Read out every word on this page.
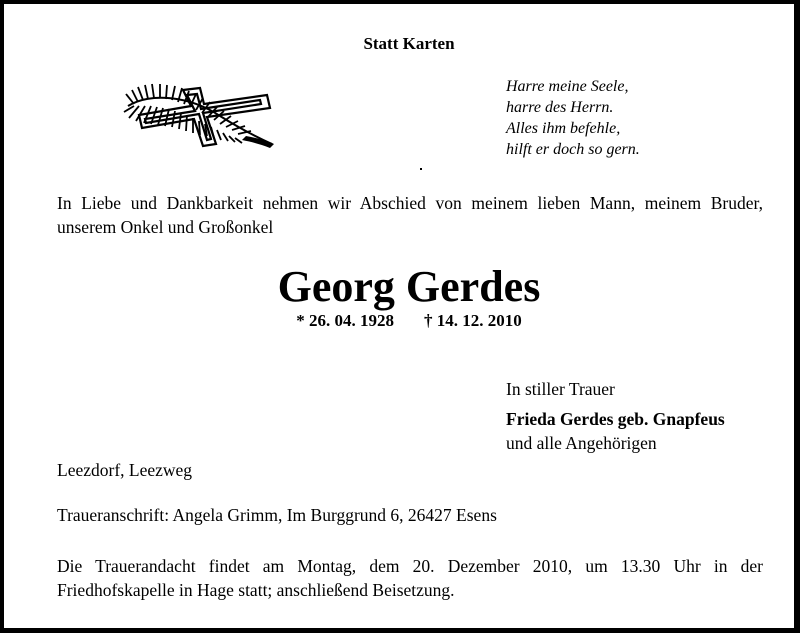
Statt Karten

Harre meine Seele,
harre des Herrn.
Alles ihm befehle,
hilft er doch so gern.

In Liebe und Dankbarkeit nehmen wir Abschied von meinem lieben Mann, meinem Bruder, unserem Onkel und Großonkel

Georg Gerdes

* 26. 04. 1928 † 14. 12. 2010

In stiller Trauer
Frieda Gerdes geb. Gnapfeus
und alle Angehörigen

Leezdorf, Leezweg

Traueranschrift: Angela Grimm, Im Burggrund 6, 26427 Esens

Die Trauerandacht findet am Montag, dem 20. Dezember 2010, um 13.30 Uhr in der Friedhofskapelle in Hage statt; anschließend Beisetzung.
